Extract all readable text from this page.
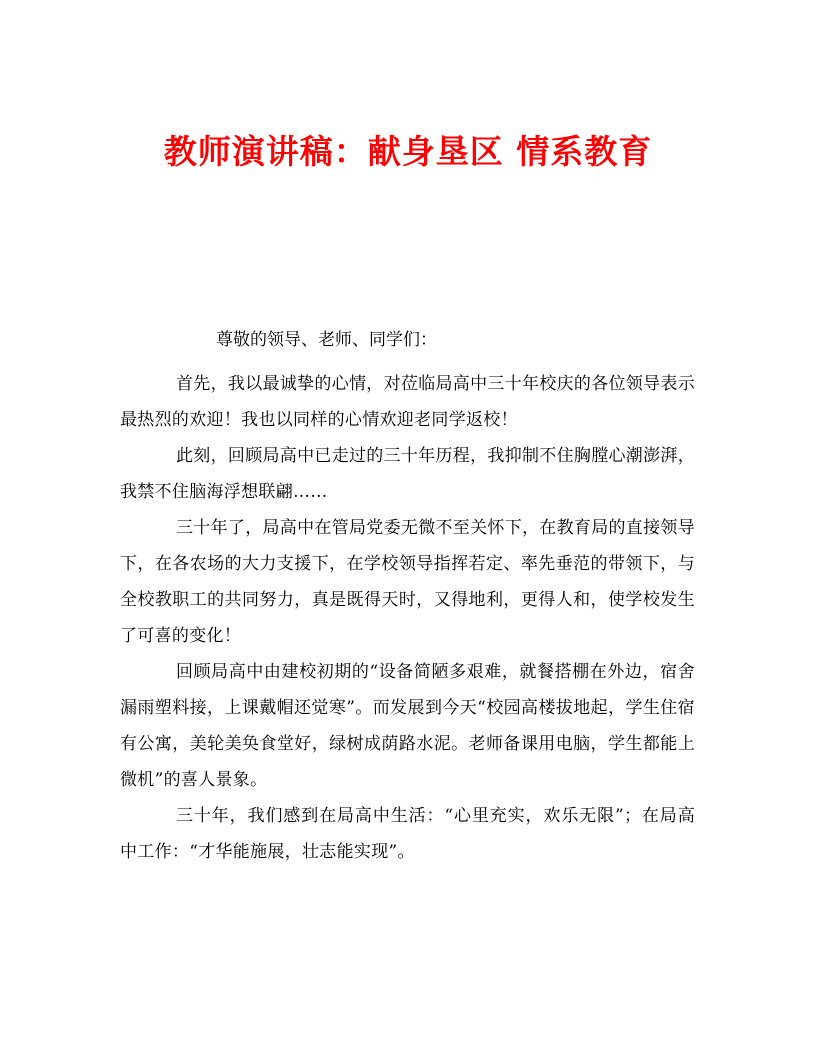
教师演讲稿：献身垦区 情系教育
尊敬的领导、老师、同学们：

首先，我以最诚挚的心情，对莅临局高中三十年校庆的各位领导表示最热烈的欢迎！我也以同样的心情欢迎老同学返校！

此刻，回顾局高中已走过的三十年历程，我抑制不住胸膛心潮澎湃，我禁不住脑海浮想联翩……

三十年了，局高中在管局党委无微不至关怀下，在教育局的直接领导下，在各农场的大力支援下，在学校领导指挥若定、率先垂范的带领下，与全校教职工的共同努力，真是既得天时，又得地利，更得人和，使学校发生了可喜的变化！

回顾局高中由建校初期的“设备简陋多艰难，就餐搭棚在外边，宿舍漏雨塑料接，上课戴帽还觉寒”。而发展到今天“校园高楼拔地起，学生住宿有公寓，美轮美奂食堂好，绿树成荫路水泥。老师备课用电脑，学生都能上微机”的喜人景象。

三十年，我们感到在局高中生活：“心里充实，欢乐无限”；在局高中工作：“才华能施展，壮志能实现”。
